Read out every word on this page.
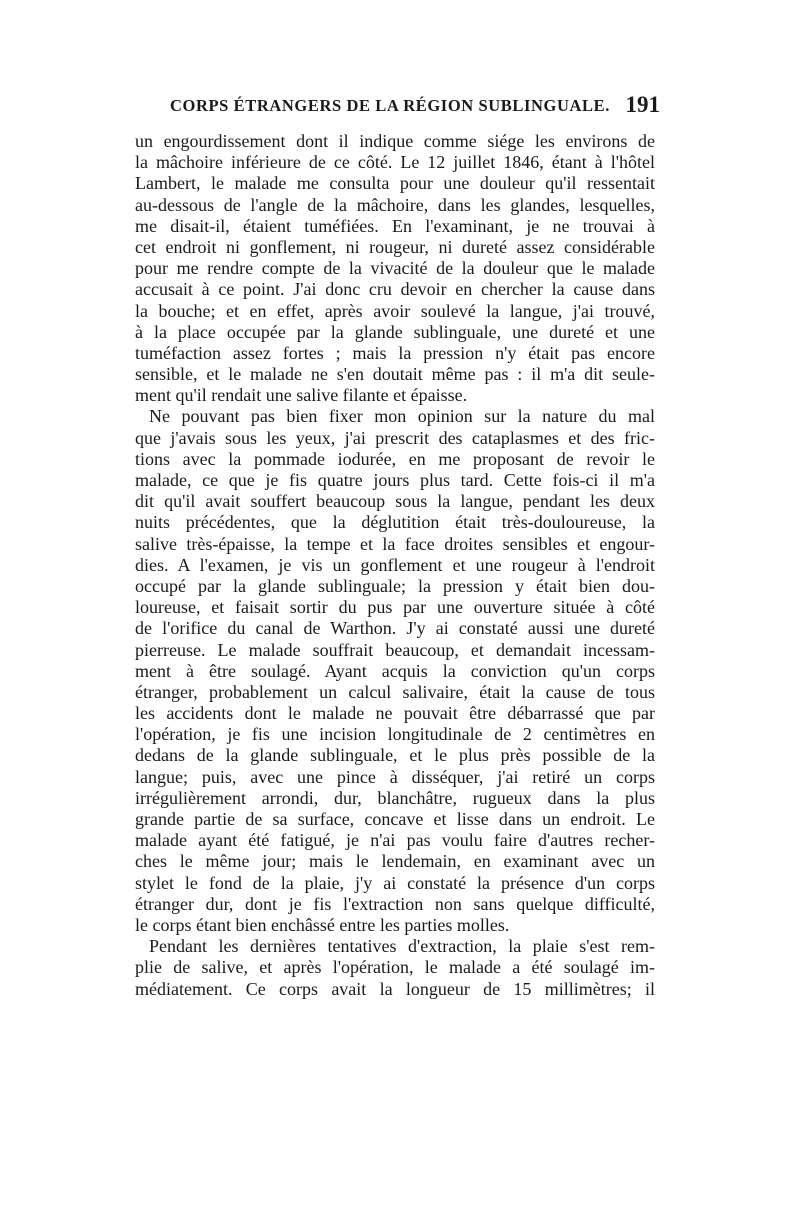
CORPS ÉTRANGERS DE LA RÉGION SUBLINGUALE. 191
un engourdissement dont il indique comme siége les environs de
la mâchoire inférieure de ce côté. Le 12 juillet 1846, étant à l'hôtel
Lambert, le malade me consulta pour une douleur qu'il ressentait
au-dessous de l'angle de la mâchoire, dans les glandes, lesquelles,
me disait-il, étaient tuméfiées. En l'examinant, je ne trouvai à
cet endroit ni gonflement, ni rougeur, ni dureté assez considérable
pour me rendre compte de la vivacité de la douleur que le malade
accusait à ce point. J'ai donc cru devoir en chercher la cause dans
la bouche; et en effet, après avoir soulevé la langue, j'ai trouvé,
à la place occupée par la glande sublinguale, une dureté et une
tuméfaction assez fortes ; mais la pression n'y était pas encore
sensible, et le malade ne s'en doutait même pas : il m'a dit seule-
ment qu'il rendait une salive filante et épaisse.
Ne pouvant pas bien fixer mon opinion sur la nature du mal
que j'avais sous les yeux, j'ai prescrit des cataplasmes et des fric-
tions avec la pommade iodurée, en me proposant de revoir le
malade, ce que je fis quatre jours plus tard. Cette fois-ci il m'a
dit qu'il avait souffert beaucoup sous la langue, pendant les deux
nuits précédentes, que la déglutition était très-douloureuse, la
salive très-épaisse, la tempe et la face droites sensibles et engour-
dies. A l'examen, je vis un gonflement et une rougeur à l'endroit
occupé par la glande sublinguale; la pression y était bien dou-
loureuse, et faisait sortir du pus par une ouverture située à côté
de l'orifice du canal de Warthon. J'y ai constaté aussi une dureté
pierreuse. Le malade souffrait beaucoup, et demandait incessam-
ment à être soulagé. Ayant acquis la conviction qu'un corps
étranger, probablement un calcul salivaire, était la cause de tous
les accidents dont le malade ne pouvait être débarrassé que par
l'opération, je fis une incision longitudinale de 2 centimètres en
dedans de la glande sublinguale, et le plus près possible de la
langue; puis, avec une pince à disséquer, j'ai retiré un corps
irrégulièrement arrondi, dur, blanchâtre, rugueux dans la plus
grande partie de sa surface, concave et lisse dans un endroit. Le
malade ayant été fatigué, je n'ai pas voulu faire d'autres recher-
ches le même jour; mais le lendemain, en examinant avec un
stylet le fond de la plaie, j'y ai constaté la présence d'un corps
étranger dur, dont je fis l'extraction non sans quelque difficulté,
le corps étant bien enchâssé entre les parties molles.
Pendant les dernières tentatives d'extraction, la plaie s'est rem-
plie de salive, et après l'opération, le malade a été soulagé im-
médiatement. Ce corps avait la longueur de 15 millimètres; il
